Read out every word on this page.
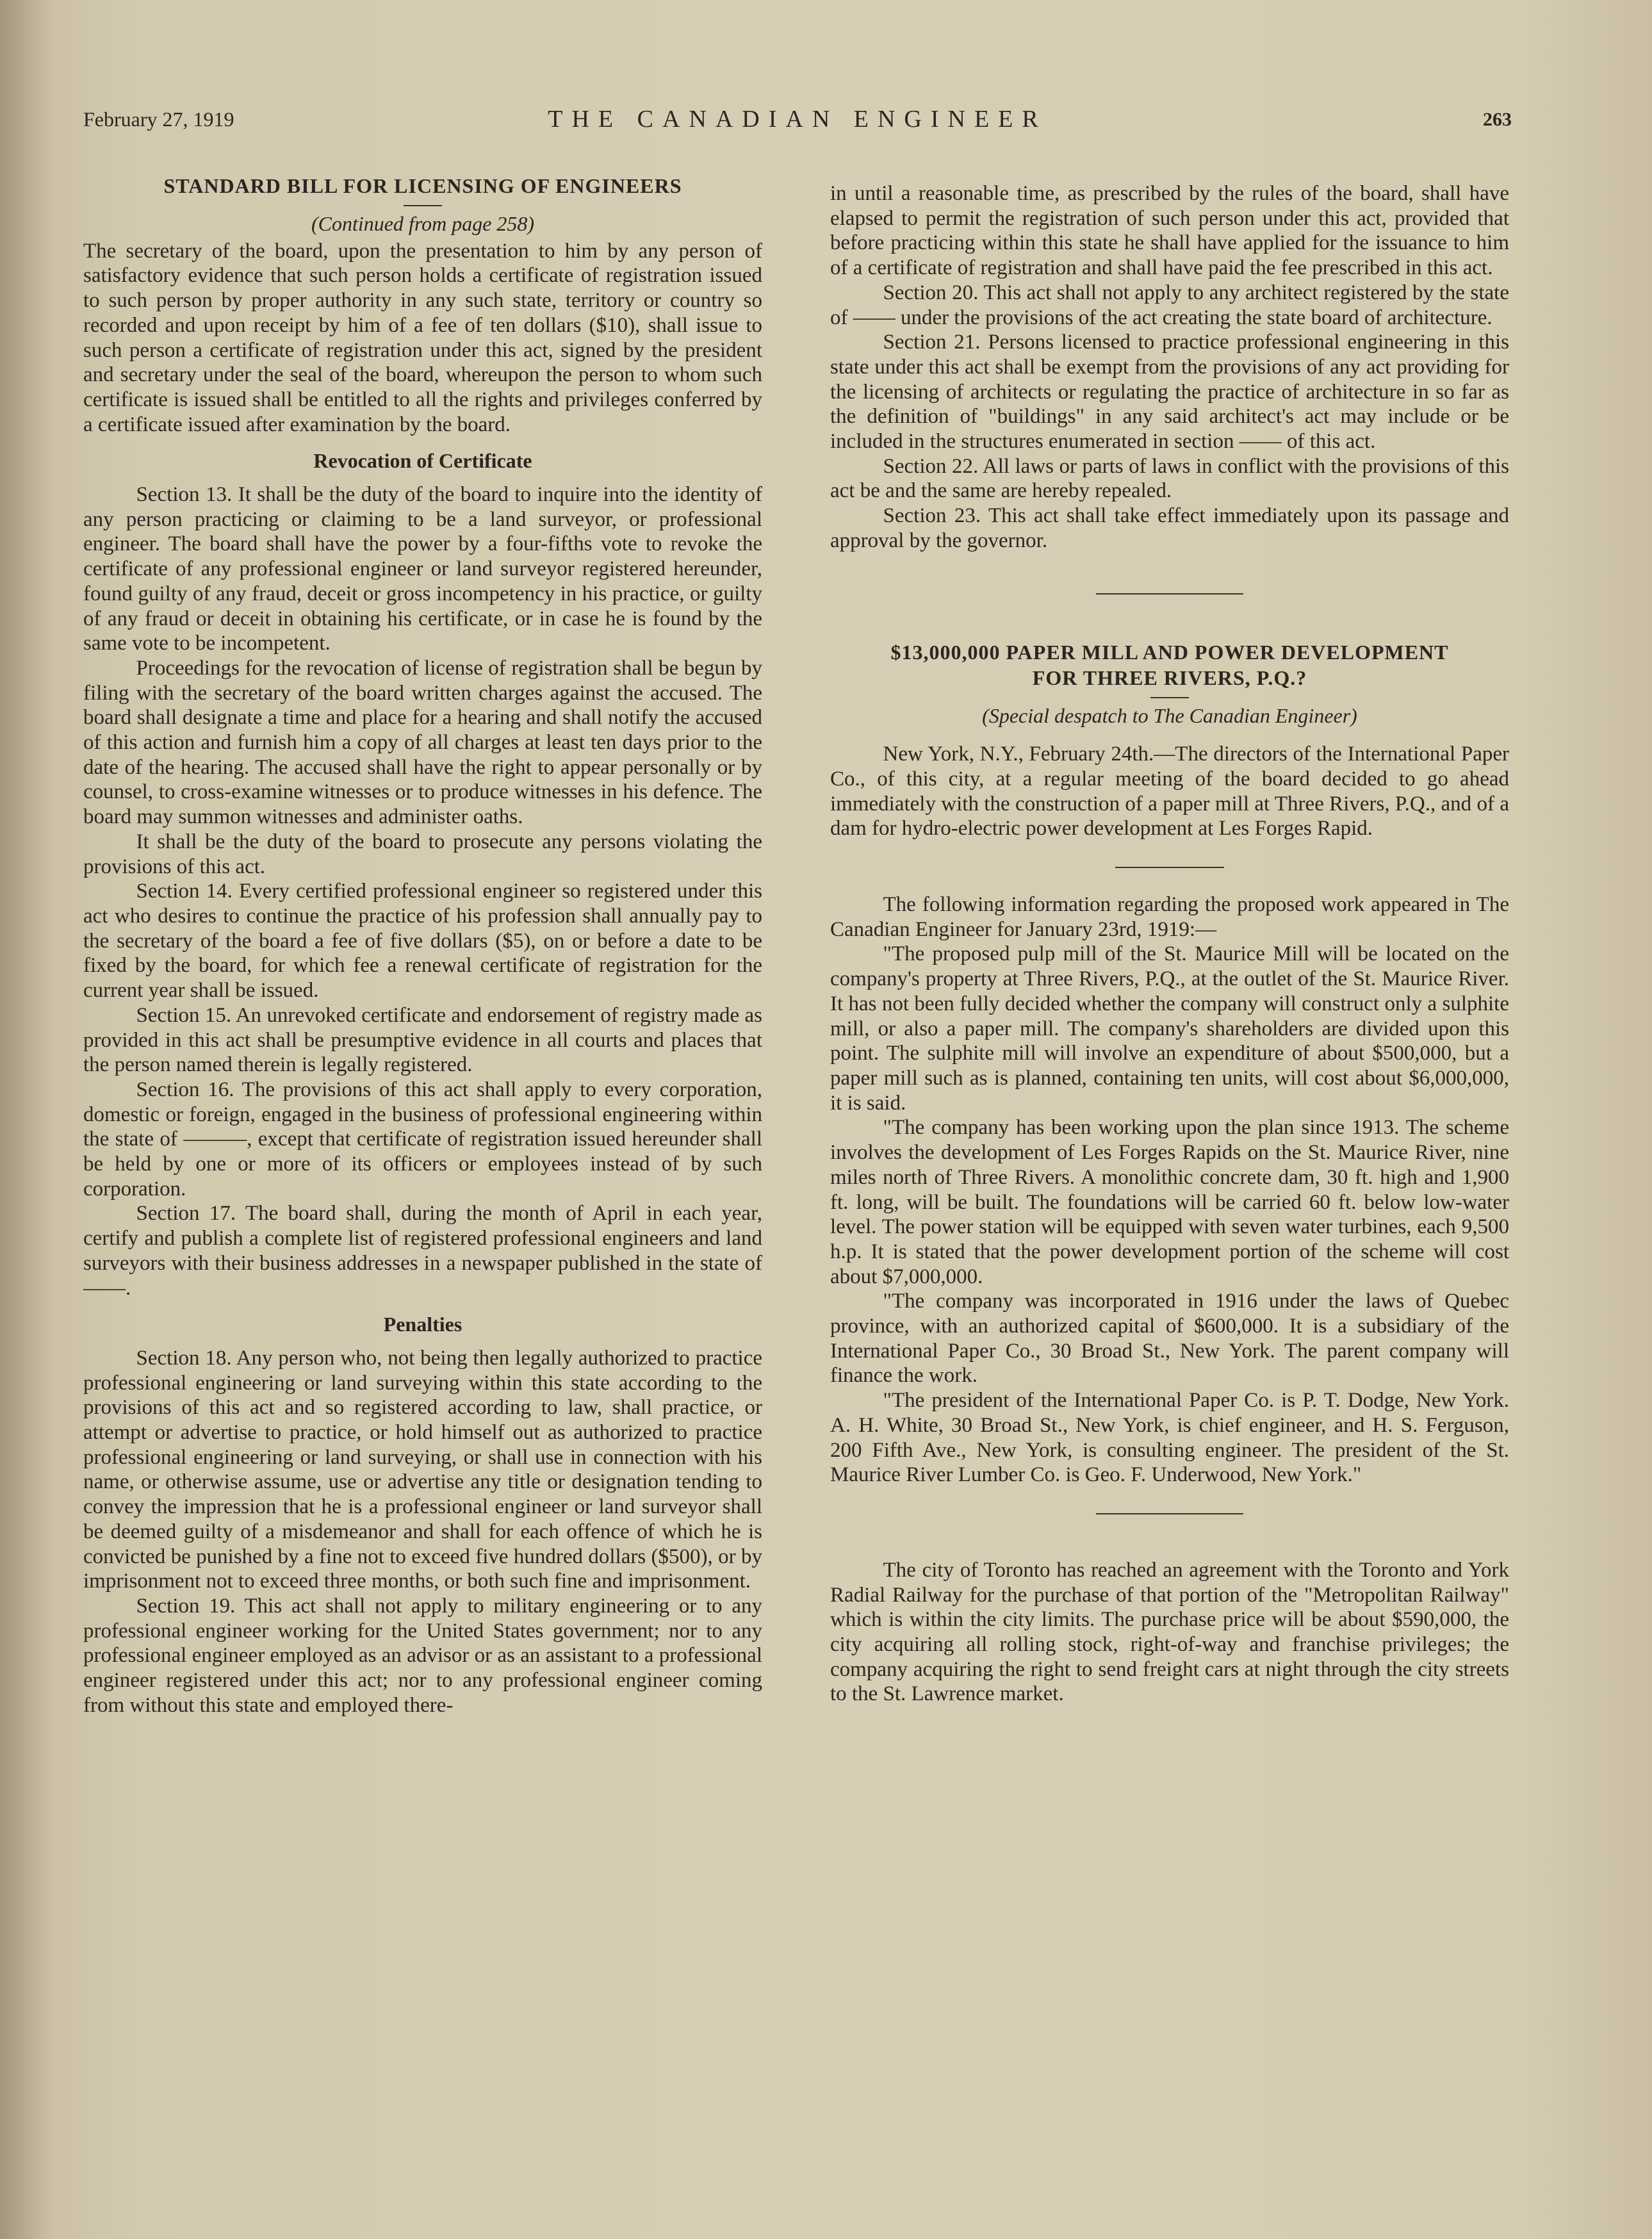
February 27, 1919	THE CANADIAN ENGINEER	263
STANDARD BILL FOR LICENSING OF ENGINEERS
(Continued from page 258)

The secretary of the board, upon the presentation to him by any person of satisfactory evidence that such person holds a certificate of registration issued to such person by proper authority in any such state, territory or country so recorded and upon receipt by him of a fee of ten dollars ($10), shall issue to such person a certificate of registration under this act, signed by the president and secretary under the seal of the board, whereupon the person to whom such certificate is issued shall be entitled to all the rights and privileges conferred by a certificate issued after examination by the board.

Revocation of Certificate

Section 13. It shall be the duty of the board to inquire into the identity of any person practicing or claiming to be a land surveyor, or professional engineer. The board shall have the power by a four-fifths vote to revoke the certificate of any professional engineer or land surveyor registered hereunder, found guilty of any fraud, deceit or gross incompetency in his practice, or guilty of any fraud or deceit in obtaining his certificate, or in case he is found by the same vote to be incompetent.

Proceedings for the revocation of license of registration shall be begun by filing with the secretary of the board written charges against the accused. The board shall designate a time and place for a hearing and shall notify the accused of this action and furnish him a copy of all charges at least ten days prior to the date of the hearing. The accused shall have the right to appear personally or by counsel, to cross-examine witnesses or to produce witnesses in his defence. The board may summon witnesses and administer oaths.

It shall be the duty of the board to prosecute any persons violating the provisions of this act.

Section 14. Every certified professional engineer so registered under this act who desires to continue the practice of his profession shall annually pay to the secretary of the board a fee of five dollars ($5), on or before a date to be fixed by the board, for which fee a renewal certificate of registration for the current year shall be issued.

Section 15. An unrevoked certificate and endorsement of registry made as provided in this act shall be presumptive evidence in all courts and places that the person named therein is legally registered.

Section 16. The provisions of this act shall apply to every corporation, domestic or foreign, engaged in the business of professional engineering within the state of ———, except that certificate of registration issued hereunder shall be held by one or more of its officers or employees instead of by such corporation.

Section 17. The board shall, during the month of April in each year, certify and publish a complete list of registered professional engineers and land surveyors with their business addresses in a newspaper published in the state of ——.

Penalties

Section 18. Any person who, not being then legally authorized to practice professional engineering or land surveying within this state according to the provisions of this act and so registered according to law, shall practice, or attempt or advertise to practice, or hold himself out as authorized to practice professional engineering or land surveying, or shall use in connection with his name, or otherwise assume, use or advertise any title or designation tending to convey the impression that he is a professional engineer or land surveyor shall be deemed guilty of a misdemeanor and shall for each offence of which he is convicted be punished by a fine not to exceed five hundred dollars ($500), or by imprisonment not to exceed three months, or both such fine and imprisonment.

Section 19. This act shall not apply to military engineering or to any professional engineer working for the United States government; nor to any professional engineer employed as an advisor or as an assistant to a professional engineer registered under this act; nor to any professional engineer coming from without this state and employed there-

in until a reasonable time, as prescribed by the rules of the board, shall have elapsed to permit the registration of such person under this act, provided that before practicing within this state he shall have applied for the issuance to him of a certificate of registration and shall have paid the fee prescribed in this act.

Section 20. This act shall not apply to any architect registered by the state of —— under the provisions of the act creating the state board of architecture.

Section 21. Persons licensed to practice professional engineering in this state under this act shall be exempt from the provisions of any act providing for the licensing of architects or regulating the practice of architecture in so far as the definition of "buildings" in any said architect's act may include or be included in the structures enumerated in section —— of this act.

Section 22. All laws or parts of laws in conflict with the provisions of this act be and the same are hereby repealed.

Section 23. This act shall take effect immediately upon its passage and approval by the governor.

$13,000,000 PAPER MILL AND POWER DEVELOPMENT
FOR THREE RIVERS, P.Q.?
(Special despatch to The Canadian Engineer)

New York, N.Y., February 24th.—The directors of the International Paper Co., of this city, at a regular meeting of the board decided to go ahead immediately with the construction of a paper mill at Three Rivers, P.Q., and of a dam for hydro-electric power development at Les Forges Rapid.

The following information regarding the proposed work appeared in The Canadian Engineer for January 23rd, 1919:—

"The proposed pulp mill of the St. Maurice Mill will be located on the company's property at Three Rivers, P.Q., at the outlet of the St. Maurice River. It has not been fully decided whether the company will construct only a sulphite mill, or also a paper mill. The company's shareholders are divided upon this point. The sulphite mill will involve an expenditure of about $500,000, but a paper mill such as is planned, containing ten units, will cost about $6,000,000, it is said.

"The company has been working upon the plan since 1913. The scheme involves the development of Les Forges Rapids on the St. Maurice River, nine miles north of Three Rivers. A monolithic concrete dam, 30 ft. high and 1,900 ft. long, will be built. The foundations will be carried 60 ft. below low-water level. The power station will be equipped with seven water turbines, each 9,500 h.p. It is stated that the power development portion of the scheme will cost about $7,000,000.

"The company was incorporated in 1916 under the laws of Quebec province, with an authorized capital of $600,000. It is a subsidiary of the International Paper Co., 30 Broad St., New York. The parent company will finance the work.

"The president of the International Paper Co. is P. T. Dodge, New York. A. H. White, 30 Broad St., New York, is chief engineer, and H. S. Ferguson, 200 Fifth Ave., New York, is consulting engineer. The president of the St. Maurice River Lumber Co. is Geo. F. Underwood, New York."

The city of Toronto has reached an agreement with the Toronto and York Radial Railway for the purchase of that portion of the "Metropolitan Railway" which is within the city limits. The purchase price will be about $590,000, the city acquiring all rolling stock, right-of-way and franchise privileges; the company acquiring the right to send freight cars at night through the city streets to the St. Lawrence market.
